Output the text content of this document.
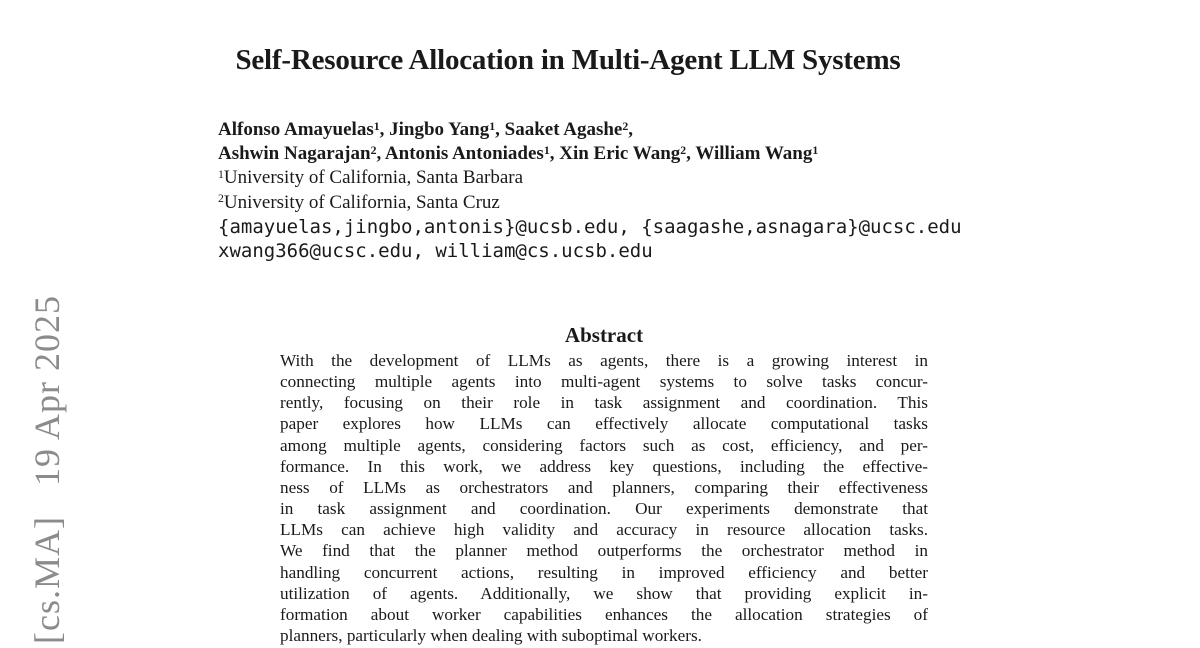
[cs.MA]   19 Apr 2025
Self-Resource Allocation in Multi-Agent LLM Systems
Alfonso Amayuelas$^1$, Jingbo Yang$^1$, Saaket Agashe$^2$,
Ashwin Nagarajan$^2$, Antonis Antoniades$^1$, Xin Eric Wang$^2$, William Wang$^1$
$^1$University of California, Santa Barbara
$^2$University of California, Santa Cruz
{amayuelas,jingbo,antonis}@ucsb.edu, {saagashe,asnagara}@ucsc.edu
xwang366@ucsc.edu, william@cs.ucsb.edu
Abstract
With the development of LLMs as agents, there is a growing interest in
connecting multiple agents into multi-agent systems to solve tasks concur-
rently, focusing on their role in task assignment and coordination. This
paper explores how LLMs can effectively allocate computational tasks
among multiple agents, considering factors such as cost, efficiency, and per-
formance. In this work, we address key questions, including the effective-
ness of LLMs as orchestrators and planners, comparing their effectiveness
in task assignment and coordination. Our experiments demonstrate that
LLMs can achieve high validity and accuracy in resource allocation tasks.
We find that the planner method outperforms the orchestrator method in
handling concurrent actions, resulting in improved efficiency and better
utilization of agents. Additionally, we show that providing explicit in-
formation about worker capabilities enhances the allocation strategies of
planners, particularly when dealing with suboptimal workers.
